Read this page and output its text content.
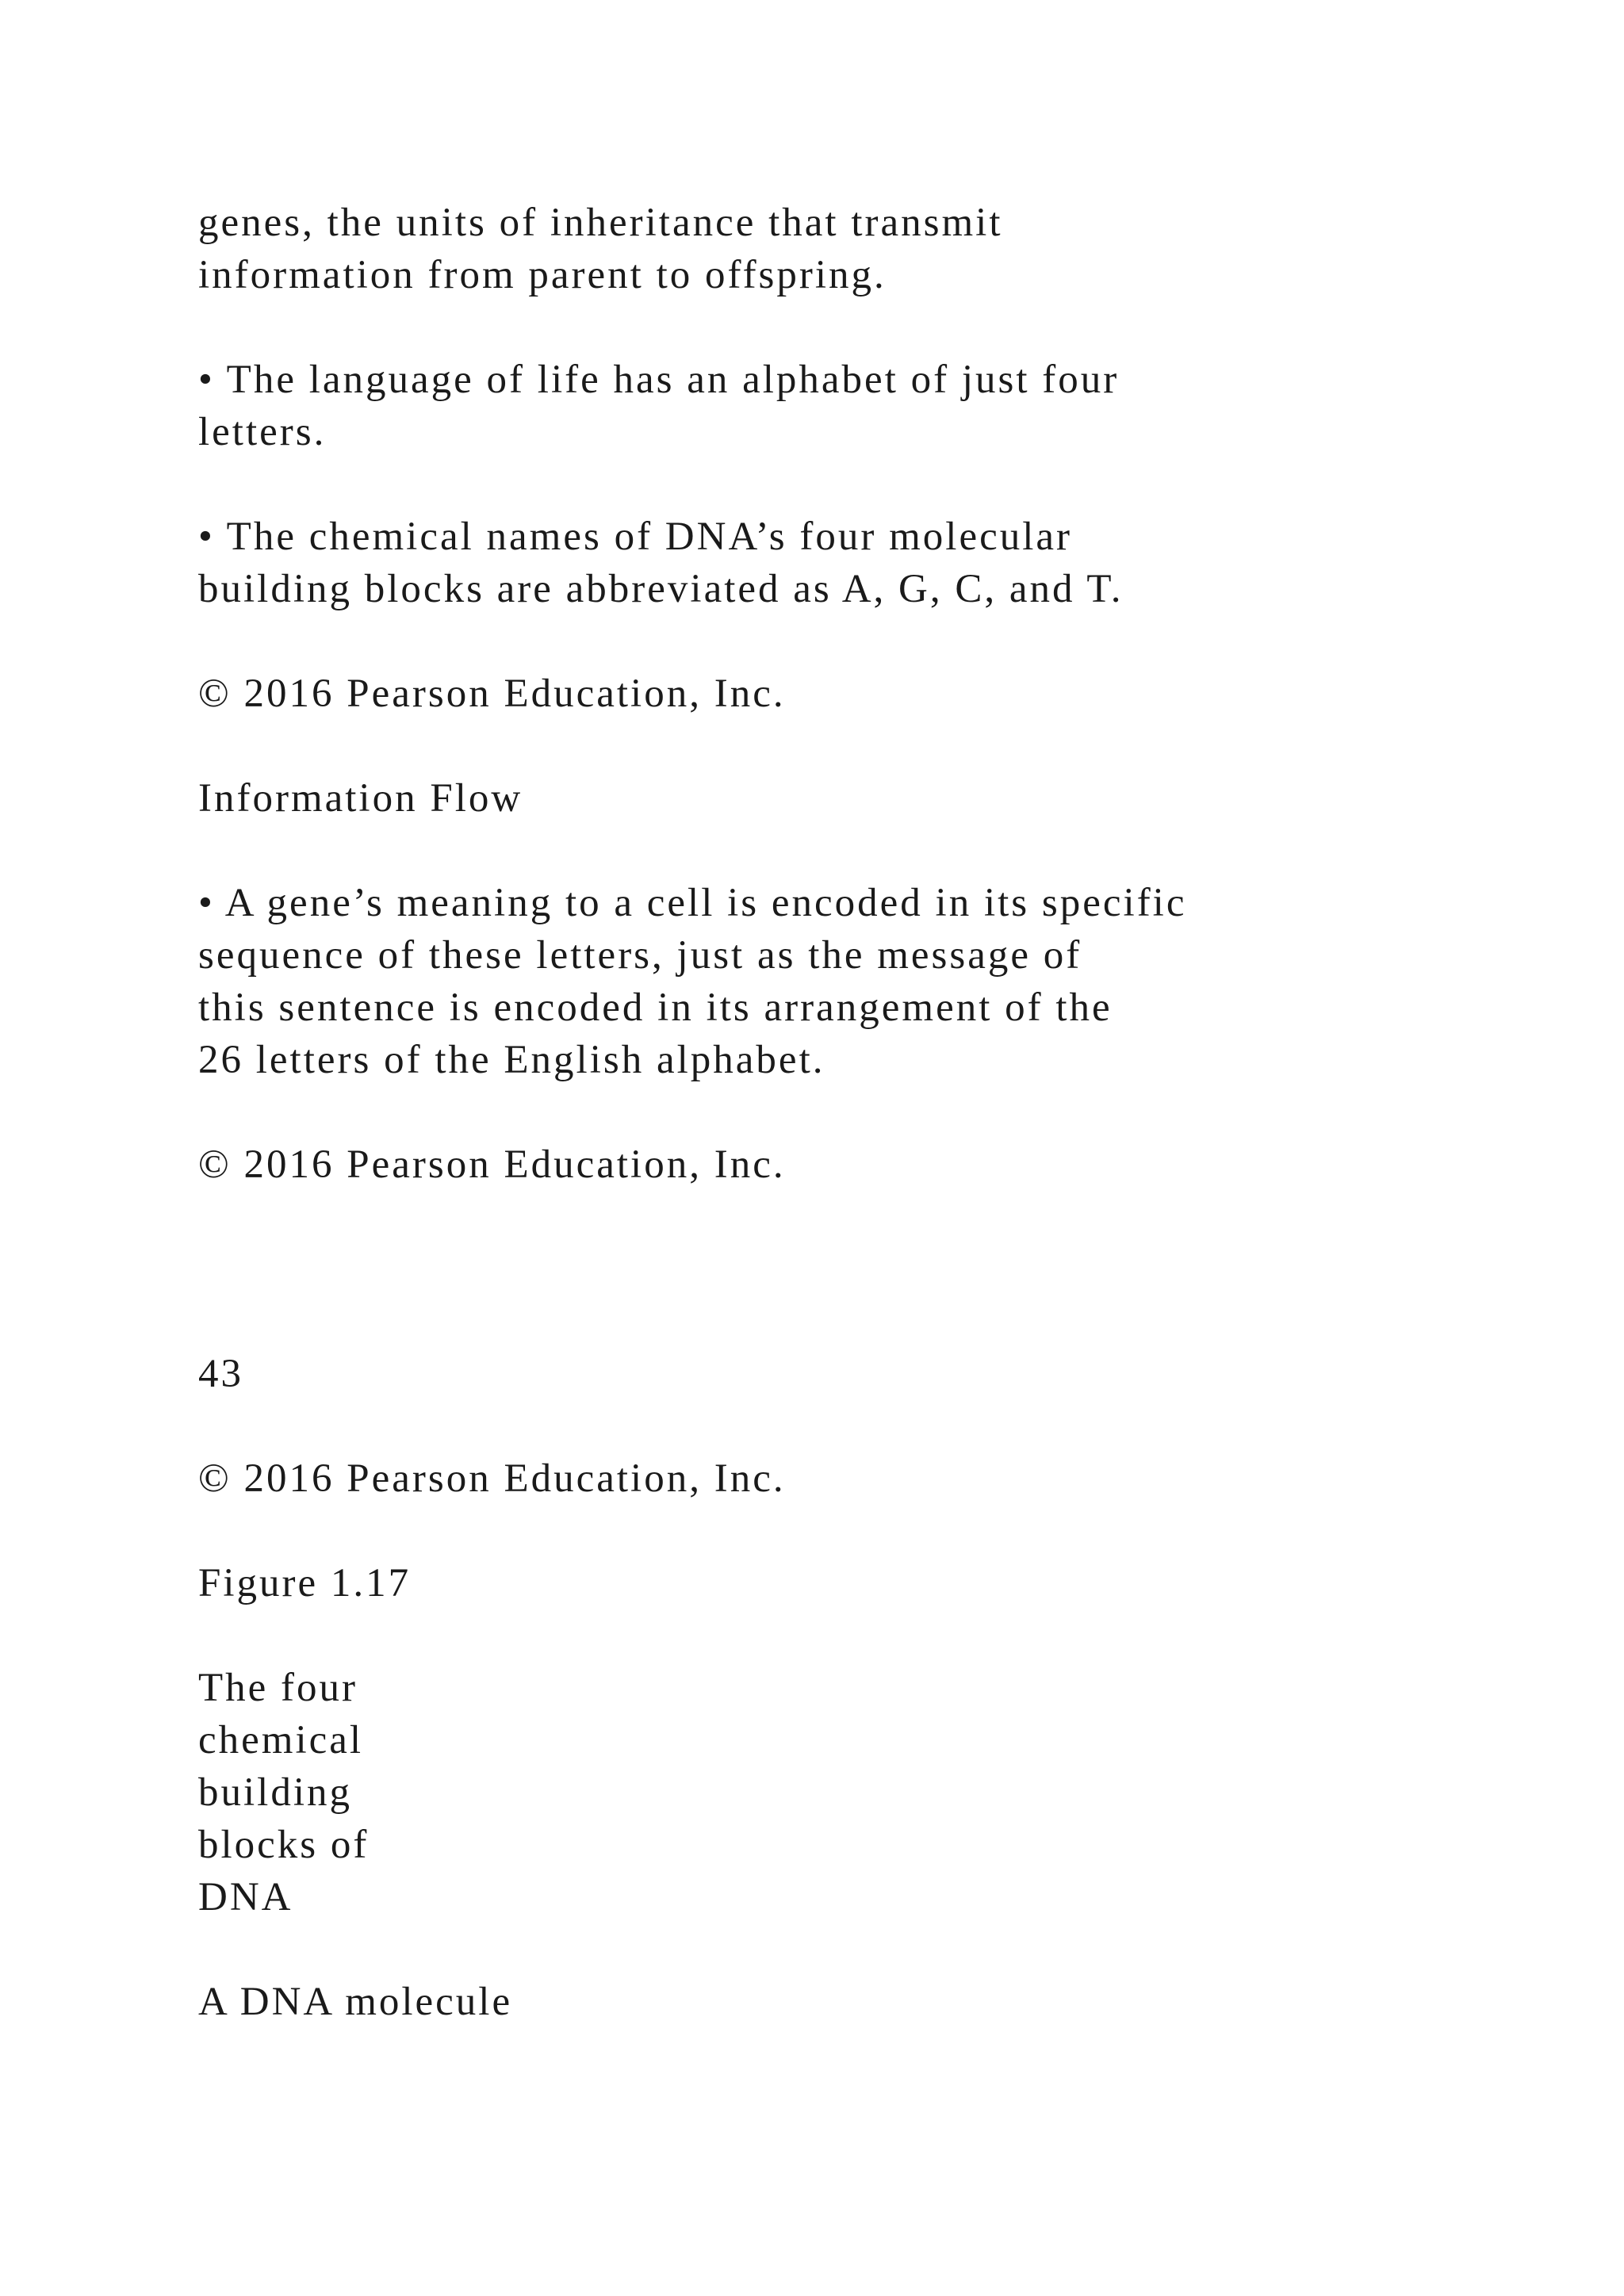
genes, the units of inheritance that transmit

information from parent to offspring.

• The language of life has an alphabet of just four

letters.

• The chemical names of DNA’s four molecular

building blocks are abbreviated as A, G, C, and T.

© 2016 Pearson Education, Inc.

Information Flow

• A gene’s meaning to a cell is encoded in its specific

sequence of these letters, just as the message of

this sentence is encoded in its arrangement of the

26 letters of the English alphabet.

© 2016 Pearson Education, Inc.

43

© 2016 Pearson Education, Inc.

Figure 1.17

The four

chemical

building

blocks of

DNA

A DNA molecule
